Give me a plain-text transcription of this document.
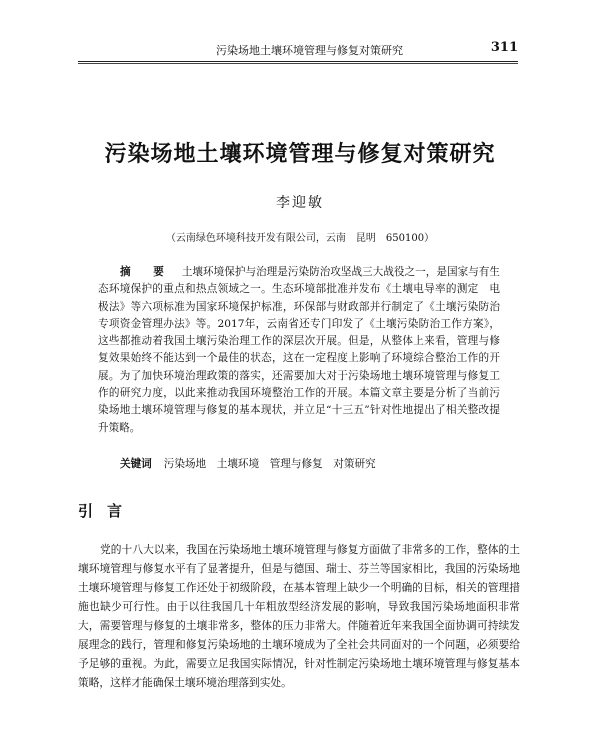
污染场地土壤环境管理与修复对策研究	311
污染场地土壤环境管理与修复对策研究
李迎敏
（云南绿色环境科技开发有限公司，云南　昆明　650100）
摘　要 土壤环境保护与治理是污染防治攻坚战三大战役之一，是国家与有生态环境保护的重点和热点领域之一。生态环境部批准并发布《土壤电导率的测定　电极法》等六项标准为国家环境保护标准，环保部与财政部并行制定了《土壤污染防治专项资金管理办法》等。2017年，云南省还专门印发了《土壤污染防治工作方案》，这些都推动着我国土壤污染治理工作的深层次开展。但是，从整体上来看，管理与修复效果始终不能达到一个最佳的状态，这在一定程度上影响了环境综合整治工作的开展。为了加快环境治理政策的落实，还需要加大对于污染场地土壤环境管理与修复工作的研究力度，以此来推动我国环境整治工作的开展。本篇文章主要是分析了当前污染场地土壤环境管理与修复的基本现状，并立足“十三五”针对性地提出了相关整改提升策略。
关键词 污染场地　土壤环境　管理与修复　对策研究
引言
党的十八大以来，我国在污染场地土壤环境管理与修复方面做了非常多的工作，整体的土壤环境管理与修复水平有了显著提升，但是与德国、瑞士、芬兰等国家相比，我国的污染场地土壤环境管理与修复工作还处于初级阶段，在基本管理上缺少一个明确的目标，相关的管理措施也缺少可行性。由于以往我国几十年粗放型经济发展的影响，导致我国污染场地面积非常大，需要管理与修复的土壤非常多，整体的压力非常大。伴随着近年来我国全面协调可持续发展理念的践行，管理和修复污染场地的土壤环境成为了全社会共同面对的一个问题，必须要给予足够的重视。为此，需要立足我国实际情况，针对性制定污染场地土壤环境管理与修复基本策略，这样才能确保土壤环境治理落到实处。
